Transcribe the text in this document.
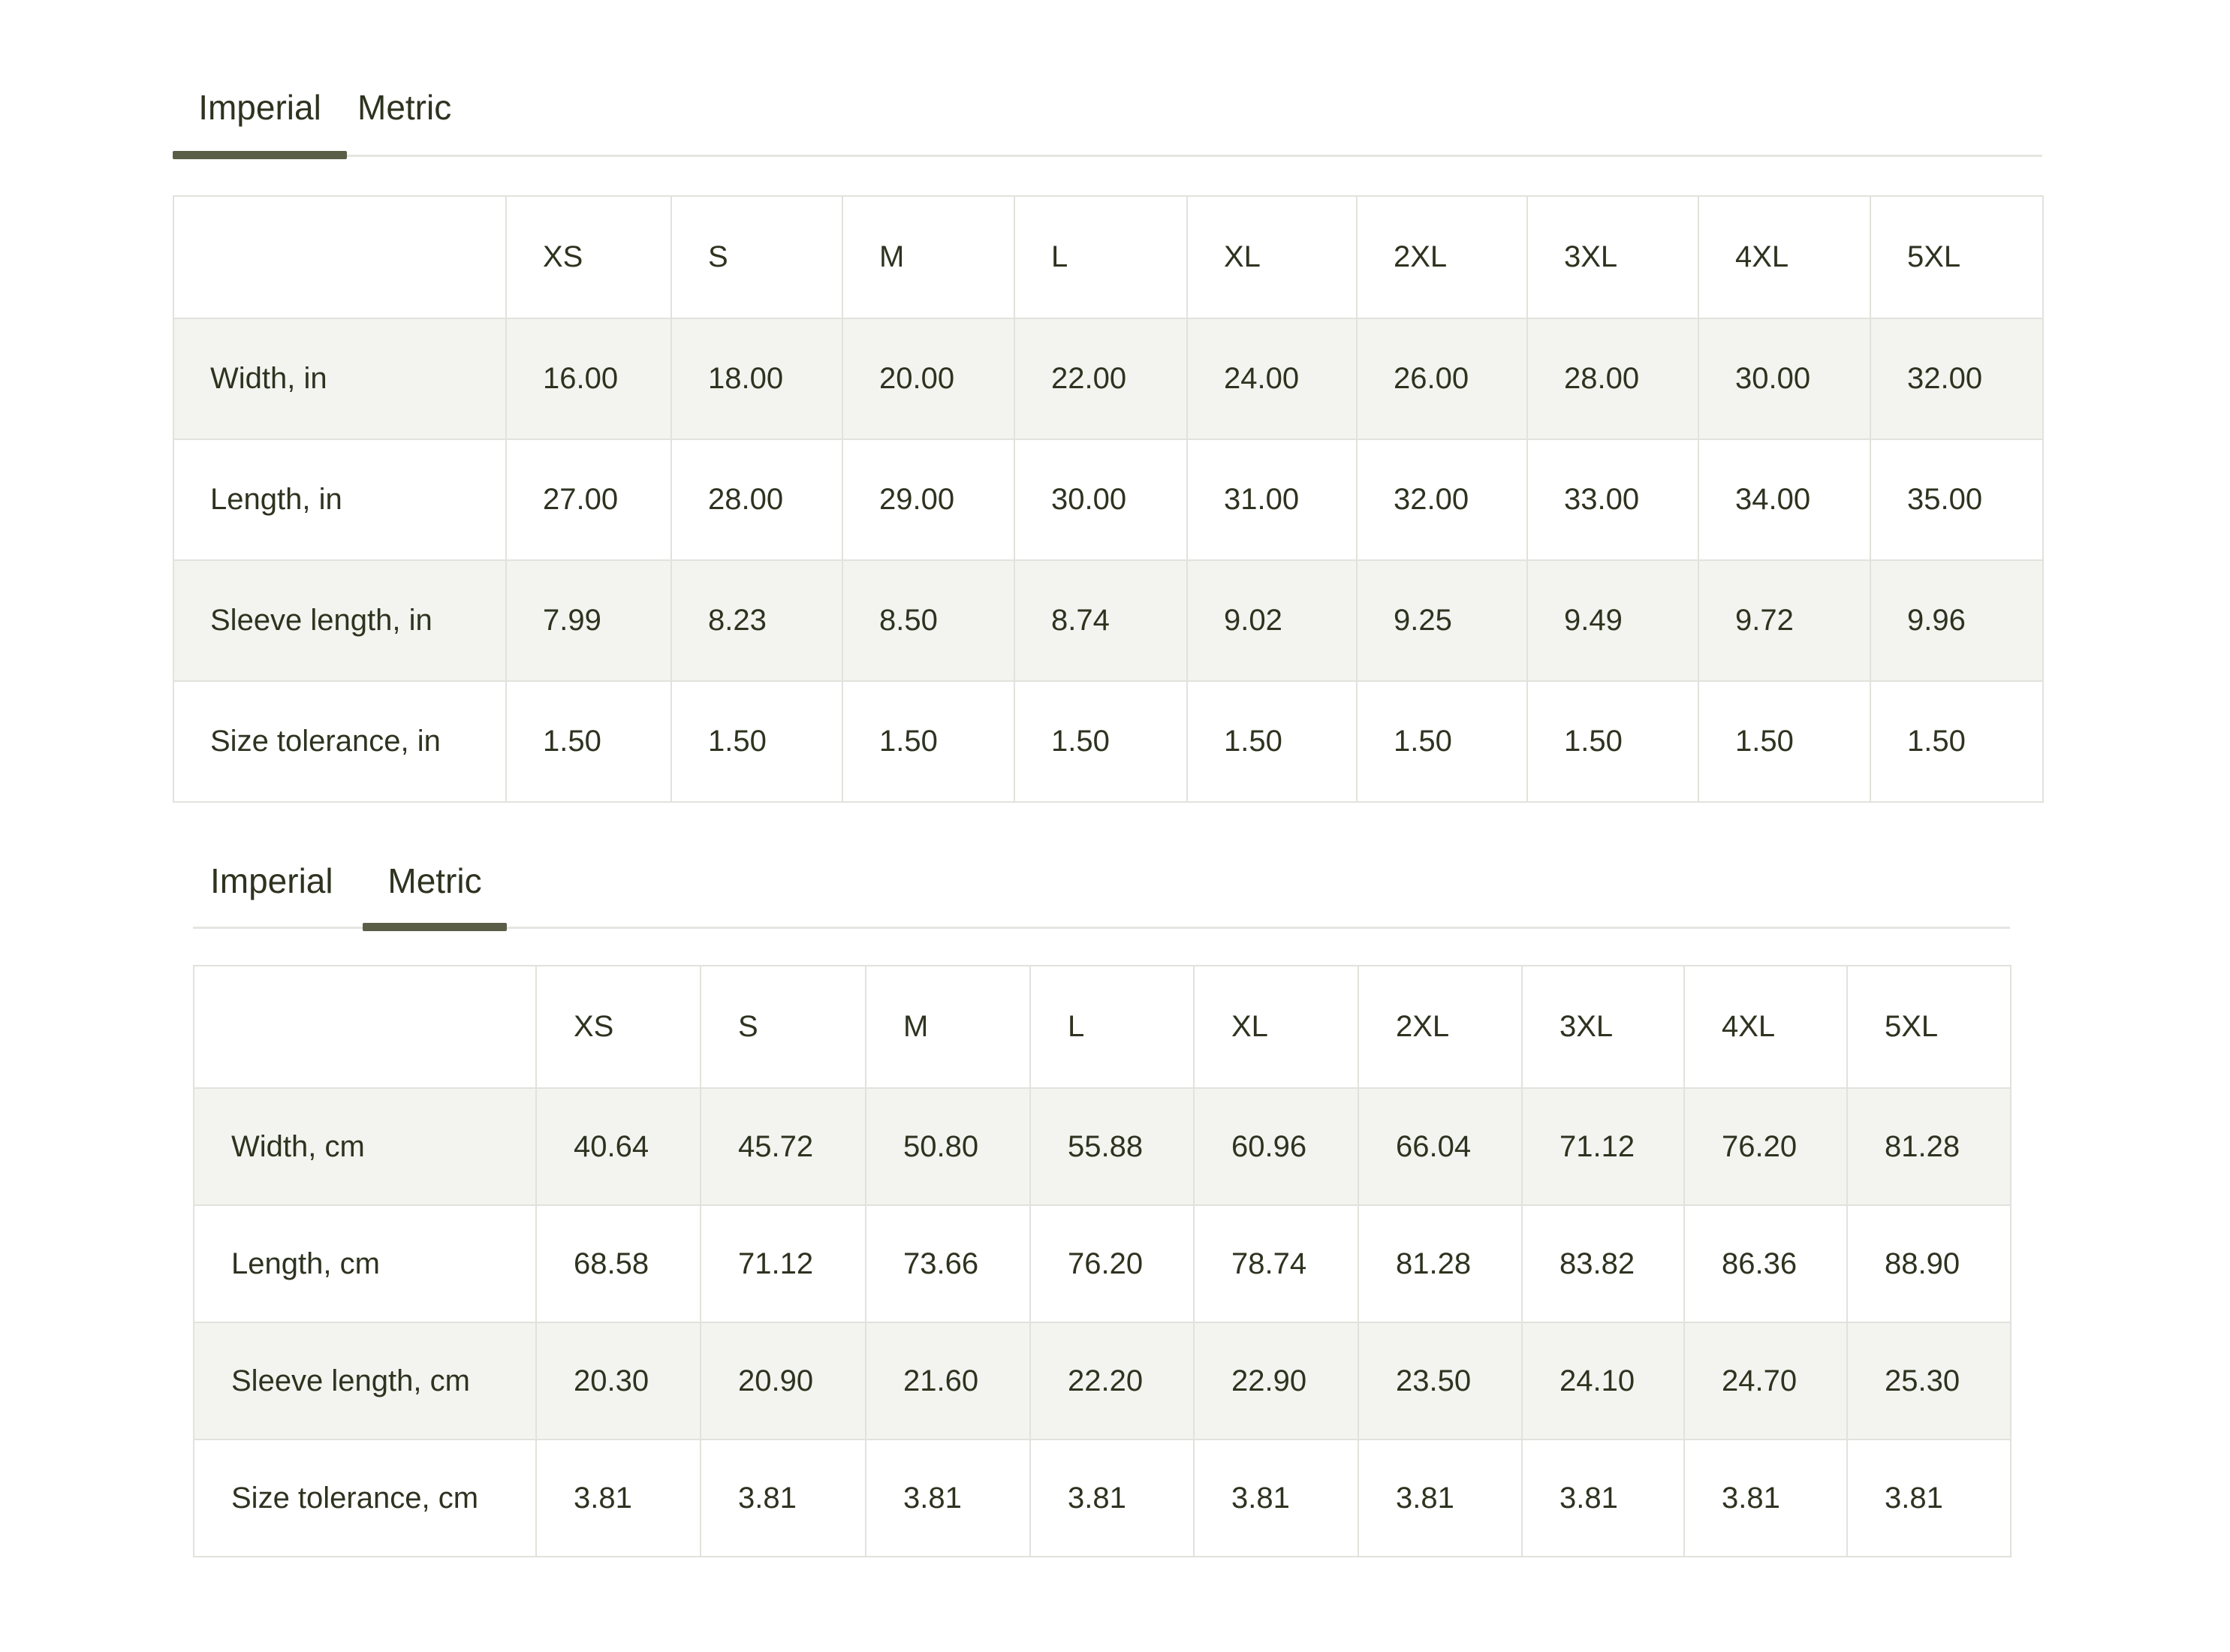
Imperial	Metric
	XS	S	M	L	XL	2XL	3XL	4XL	5XL
Width, in	16.00	18.00	20.00	22.00	24.00	26.00	28.00	30.00	32.00
Length, in	27.00	28.00	29.00	30.00	31.00	32.00	33.00	34.00	35.00
Sleeve length, in	7.99	8.23	8.50	8.74	9.02	9.25	9.49	9.72	9.96
Size tolerance, in	1.50	1.50	1.50	1.50	1.50	1.50	1.50	1.50	1.50
Imperial	Metric
	XS	S	M	L	XL	2XL	3XL	4XL	5XL
Width, cm	40.64	45.72	50.80	55.88	60.96	66.04	71.12	76.20	81.28
Length, cm	68.58	71.12	73.66	76.20	78.74	81.28	83.82	86.36	88.90
Sleeve length, cm	20.30	20.90	21.60	22.20	22.90	23.50	24.10	24.70	25.30
Size tolerance, cm	3.81	3.81	3.81	3.81	3.81	3.81	3.81	3.81	3.81
